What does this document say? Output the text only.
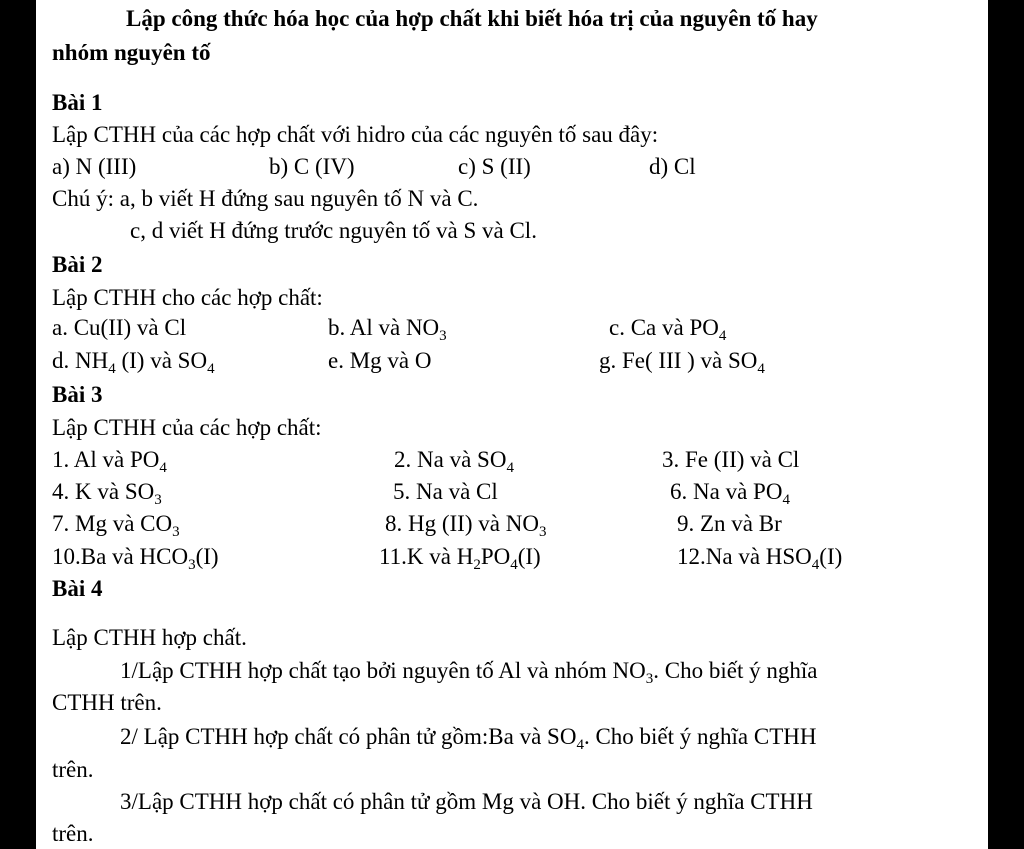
Lập công thức hóa học của hợp chất khi biết hóa trị của nguyên tố hay
nhóm nguyên tố
Bài 1
Lập CTHH của các hợp chất với hidro của các nguyên tố sau đây:
a) N (III)	b) C (IV)	c) S (II)	d) Cl
Chú ý: a, b viết H đứng sau nguyên tố N và C.
c, d viết H đứng trước nguyên tố và S và Cl.
Bài 2
Lập CTHH cho các hợp chất:
a. Cu(II) và Cl	b. Al và $NO_3$	c. Ca và $PO_4$
d. $NH_4$ (I) và $SO_4$	e. Mg và O	g. Fe( III ) và $SO_4$
Bài 3
Lập CTHH của các hợp chất:
1. Al và $PO_4$	2. Na và $SO_4$	3. Fe (II) và Cl
4. K và $SO_3$	5. Na và Cl	6. Na và $PO_4$
7. Mg và $CO_3$	8. Hg (II) và $NO_3$	9. Zn và Br
10.Ba và $HCO_3(I)$	11.K và $H_2PO_4(I)$	12.Na và $HSO_4(I)$
Bài 4
Lập CTHH hợp chất.
1/Lập CTHH hợp chất tạo bởi nguyên tố Al và nhóm $NO_3$. Cho biết ý nghĩa
CTHH trên.
2/ Lập CTHH hợp chất có phân tử gồm:Ba và $SO_4$. Cho biết ý nghĩa CTHH
trên.
3/Lập CTHH hợp chất có phân tử gồm Mg và OH. Cho biết ý nghĩa CTHH
trên.
